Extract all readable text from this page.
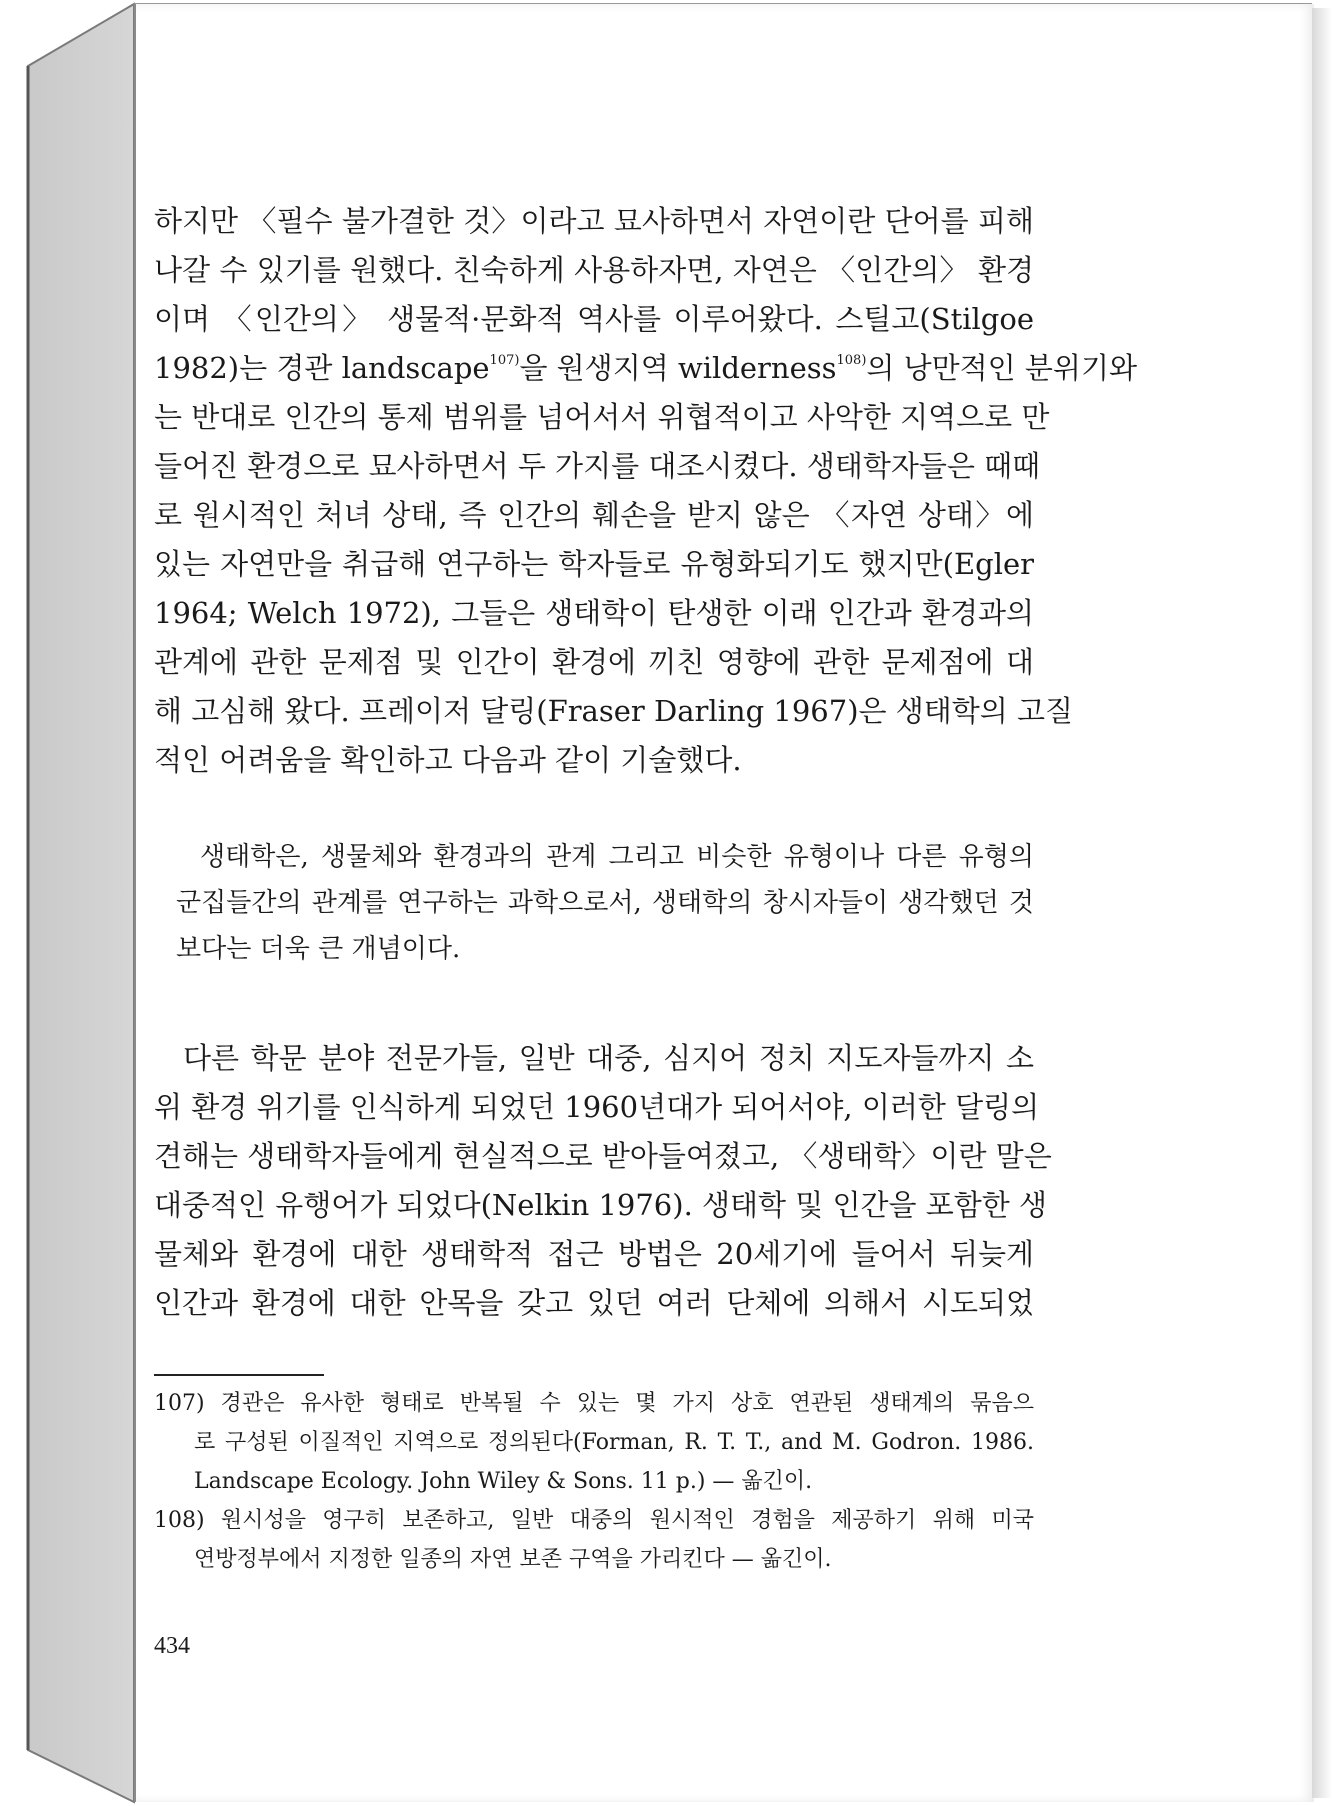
하지만 〈필수 불가결한 것〉이라고 묘사하면서 자연이란 단어를 피해
나갈 수 있기를 원했다. 친숙하게 사용하자면, 자연은 〈인간의〉 환경
이며 〈인간의〉 생물적·문화적 역사를 이루어왔다. 스틸고(Stilgoe
1982)는 경관 landscape$^{107)}$을 원생지역 wilderness$^{108)}$의 낭만적인 분위기와
는 반대로 인간의 통제 범위를 넘어서서 위협적이고 사악한 지역으로 만
들어진 환경으로 묘사하면서 두 가지를 대조시켰다. 생태학자들은 때때
로 원시적인 처녀 상태, 즉 인간의 훼손을 받지 않은 〈자연 상태〉에
있는 자연만을 취급해 연구하는 학자들로 유형화되기도 했지만(Egler
1964; Welch 1972), 그들은 생태학이 탄생한 이래 인간과 환경과의
관계에 관한 문제점 및 인간이 환경에 끼친 영향에 관한 문제점에 대
해 고심해 왔다. 프레이저 달링(Fraser Darling 1967)은 생태학의 고질
적인 어려움을 확인하고 다음과 같이 기술했다.
생태학은, 생물체와 환경과의 관계 그리고 비슷한 유형이나 다른 유형의
군집들간의 관계를 연구하는 과학으로서, 생태학의 창시자들이 생각했던 것
보다는 더욱 큰 개념이다.
다른 학문 분야 전문가들, 일반 대중, 심지어 정치 지도자들까지 소
위 환경 위기를 인식하게 되었던 1960년대가 되어서야, 이러한 달링의
견해는 생태학자들에게 현실적으로 받아들여졌고, 〈생태학〉이란 말은
대중적인 유행어가 되었다(Nelkin 1976). 생태학 및 인간을 포함한 생
물체와 환경에 대한 생태학적 접근 방법은 20세기에 들어서 뒤늦게
인간과 환경에 대한 안목을 갖고 있던 여러 단체에 의해서 시도되었
107) 경관은 유사한 형태로 반복될 수 있는 몇 가지 상호 연관된 생태계의 묶음으
로 구성된 이질적인 지역으로 정의된다(Forman, R. T. T., and M. Godron. 1986.
Landscape Ecology. John Wiley & Sons. 11 p.) — 옮긴이.
108) 원시성을 영구히 보존하고, 일반 대중의 원시적인 경험을 제공하기 위해 미국
연방정부에서 지정한 일종의 자연 보존 구역을 가리킨다 — 옮긴이.
434
